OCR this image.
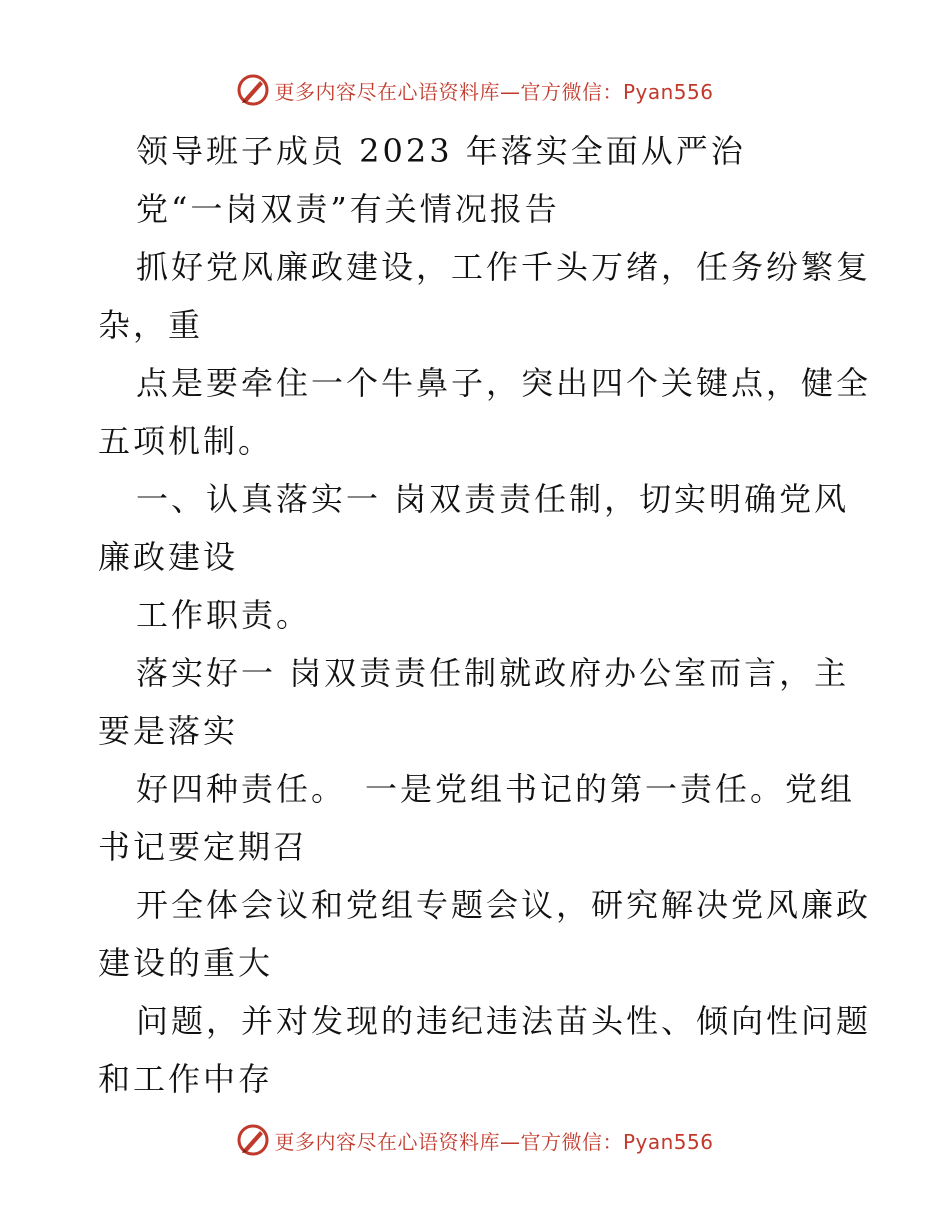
更多内容尽在心语资料库—官方微信：Pyan556
领导班子成员 2023 年落实全面从严治
党“一岗双责”有关情况报告
抓好党风廉政建设，工作千头万绪，任务纷繁复
杂，重
点是要牵住一个牛鼻子，突出四个关键点，健全
五项机制。
一、认真落实一 岗双责责任制，切实明确党风
廉政建设
工作职责。
落实好一 岗双责责任制就政府办公室而言，主
要是落实
好四种责任。　一是党组书记的第一责任。党组
书记要定期召
开全体会议和党组专题会议，研究解决党风廉政
建设的重大
问题，并对发现的违纪违法苗头性、倾向性问题
和工作中存
更多内容尽在心语资料库—官方微信：Pyan556
